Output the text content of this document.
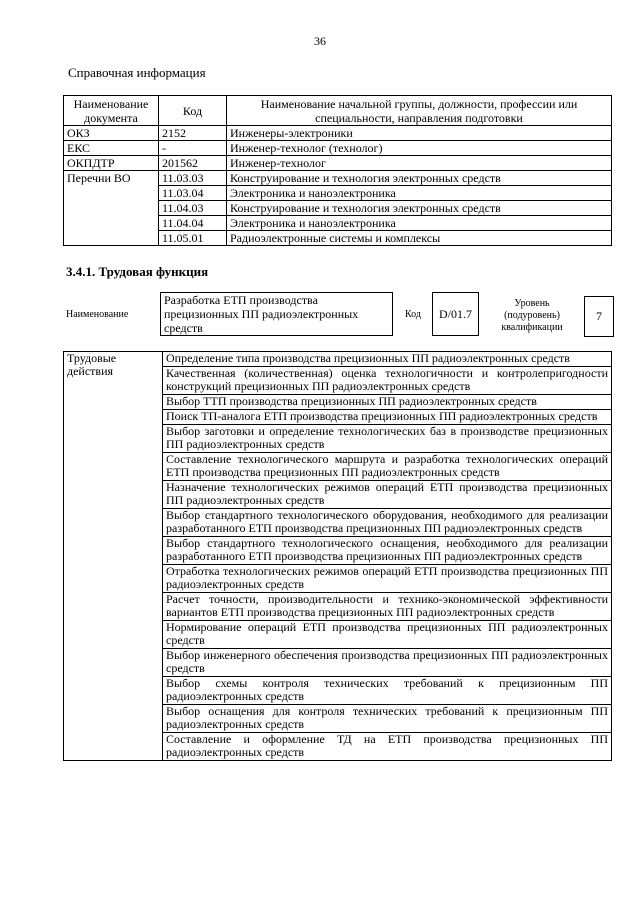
36
Справочная информация
Наименование документа	Код	Наименование начальной группы, должности, профессии или специальности, направления подготовки
ОКЗ	2152	Инженеры-электроники
ЕКС	-	Инженер-технолог (технолог)
ОКПДТР	201562	Инженер-технолог
Перечни ВО	11.03.03	Конструирование и технология электронных средств
	11.03.04	Электроника и наноэлектроника
	11.04.03	Конструирование и технология электронных средств
	11.04.04	Электроника и наноэлектроника
	11.05.01	Радиоэлектронные системы и комплексы
3.4.1. Трудовая функция
Наименование
Разработка ЕТП производства прецизионных ПП радиоэлектронных средств
Код	D/01.7
Уровень (подуровень) квалификации
7
Трудовые действия	Определение типа производства прецизионных ПП радиоэлектронных средств
Качественная (количественная) оценка технологичности и контролепригодности конструкций прецизионных ПП радиоэлектронных средств
Выбор ТТП производства прецизионных ПП радиоэлектронных средств
Поиск ТП-аналога ЕТП производства прецизионных ПП радиоэлектронных средств
Выбор заготовки и определение технологических баз в производстве прецизионных ПП радиоэлектронных средств
Составление технологического маршрута и разработка технологических операций ЕТП производства прецизионных ПП радиоэлектронных средств
Назначение технологических режимов операций ЕТП производства прецизионных ПП радиоэлектронных средств
Выбор стандартного технологического оборудования, необходимого для реализации разработанного ЕТП производства прецизионных ПП радиоэлектронных средств
Выбор стандартного технологического оснащения, необходимого для реализации разработанного ЕТП производства прецизионных ПП радиоэлектронных средств
Отработка технологических режимов операций ЕТП производства прецизионных ПП радиоэлектронных средств
Расчет точности, производительности и технико-экономической эффективности вариантов ЕТП производства прецизионных ПП радиоэлектронных средств
Нормирование операций ЕТП производства прецизионных ПП радиоэлектронных средств
Выбор инженерного обеспечения производства прецизионных ПП радиоэлектронных средств
Выбор схемы контроля технических требований к прецизионным ПП радиоэлектронных средств
Выбор оснащения для контроля технических требований к прецизионным ПП радиоэлектронных средств
Составление и оформление ТД на ЕТП производства прецизионных ПП радиоэлектронных средств
